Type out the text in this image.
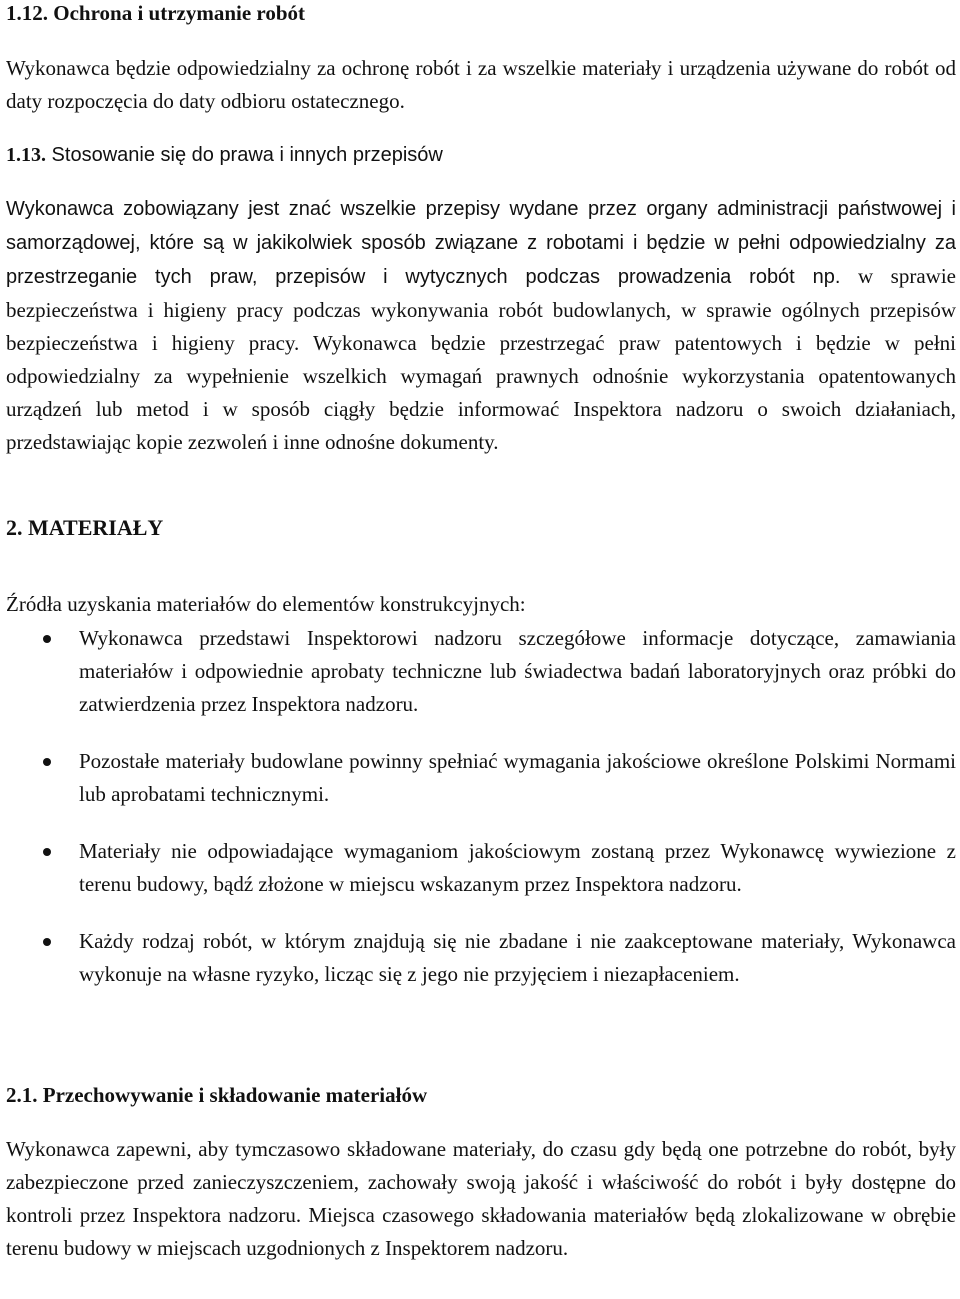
1.12. Ochrona i utrzymanie robót

Wykonawca będzie odpowiedzialny za ochronę robót i za wszelkie materiały i urządzenia używane do robót od daty rozpoczęcia do daty odbioru ostatecznego.

1.13. Stosowanie się do prawa i innych przepisów

Wykonawca zobowiązany jest znać wszelkie przepisy wydane przez organy administracji państwowej i samorządowej, które są w jakikolwiek sposób związane z robotami i będzie w pełni odpowiedzialny za przestrzeganie tych praw, przepisów i wytycznych podczas prowadzenia robót np. w sprawie bezpieczeństwa i higieny pracy podczas wykonywania robót budowlanych, w sprawie ogólnych przepisów bezpieczeństwa i higieny pracy. Wykonawca będzie przestrzegać praw patentowych i będzie w pełni odpowiedzialny za wypełnienie wszelkich wymagań prawnych odnośnie wykorzystania opatentowanych urządzeń lub metod i w sposób ciągły będzie informować Inspektora nadzoru o swoich działaniach, przedstawiając kopie zezwoleń i inne odnośne dokumenty.

2. MATERIAŁY

Źródła uzyskania materiałów do elementów konstrukcyjnych:

Wykonawca przedstawi Inspektorowi nadzoru szczegółowe informacje dotyczące, zamawiania materiałów i odpowiednie aprobaty techniczne lub świadectwa badań laboratoryjnych oraz próbki do zatwierdzenia przez Inspektora nadzoru.
Pozostałe materiały budowlane powinny spełniać wymagania jakościowe określone Polskimi Normami lub aprobatami technicznymi.
Materiały nie odpowiadające wymaganiom jakościowym zostaną przez Wykonawcę wywiezione z terenu budowy, bądź złożone w miejscu wskazanym przez Inspektora nadzoru.
Każdy rodzaj robót, w którym znajdują się nie zbadane i nie zaakceptowane materiały, Wykonawca wykonuje na własne ryzyko, licząc się z jego nie przyjęciem i niezapłaceniem.
2.1. Przechowywanie i składowanie materiałów

Wykonawca zapewni, aby tymczasowo składowane materiały, do czasu gdy będą one potrzebne do robót, były zabezpieczone przed zanieczyszczeniem, zachowały swoją jakość i właściwość do robót i były dostępne do kontroli przez Inspektora nadzoru. Miejsca czasowego składowania materiałów będą zlokalizowane w obrębie terenu budowy w miejscach uzgodnionych z Inspektorem nadzoru.
